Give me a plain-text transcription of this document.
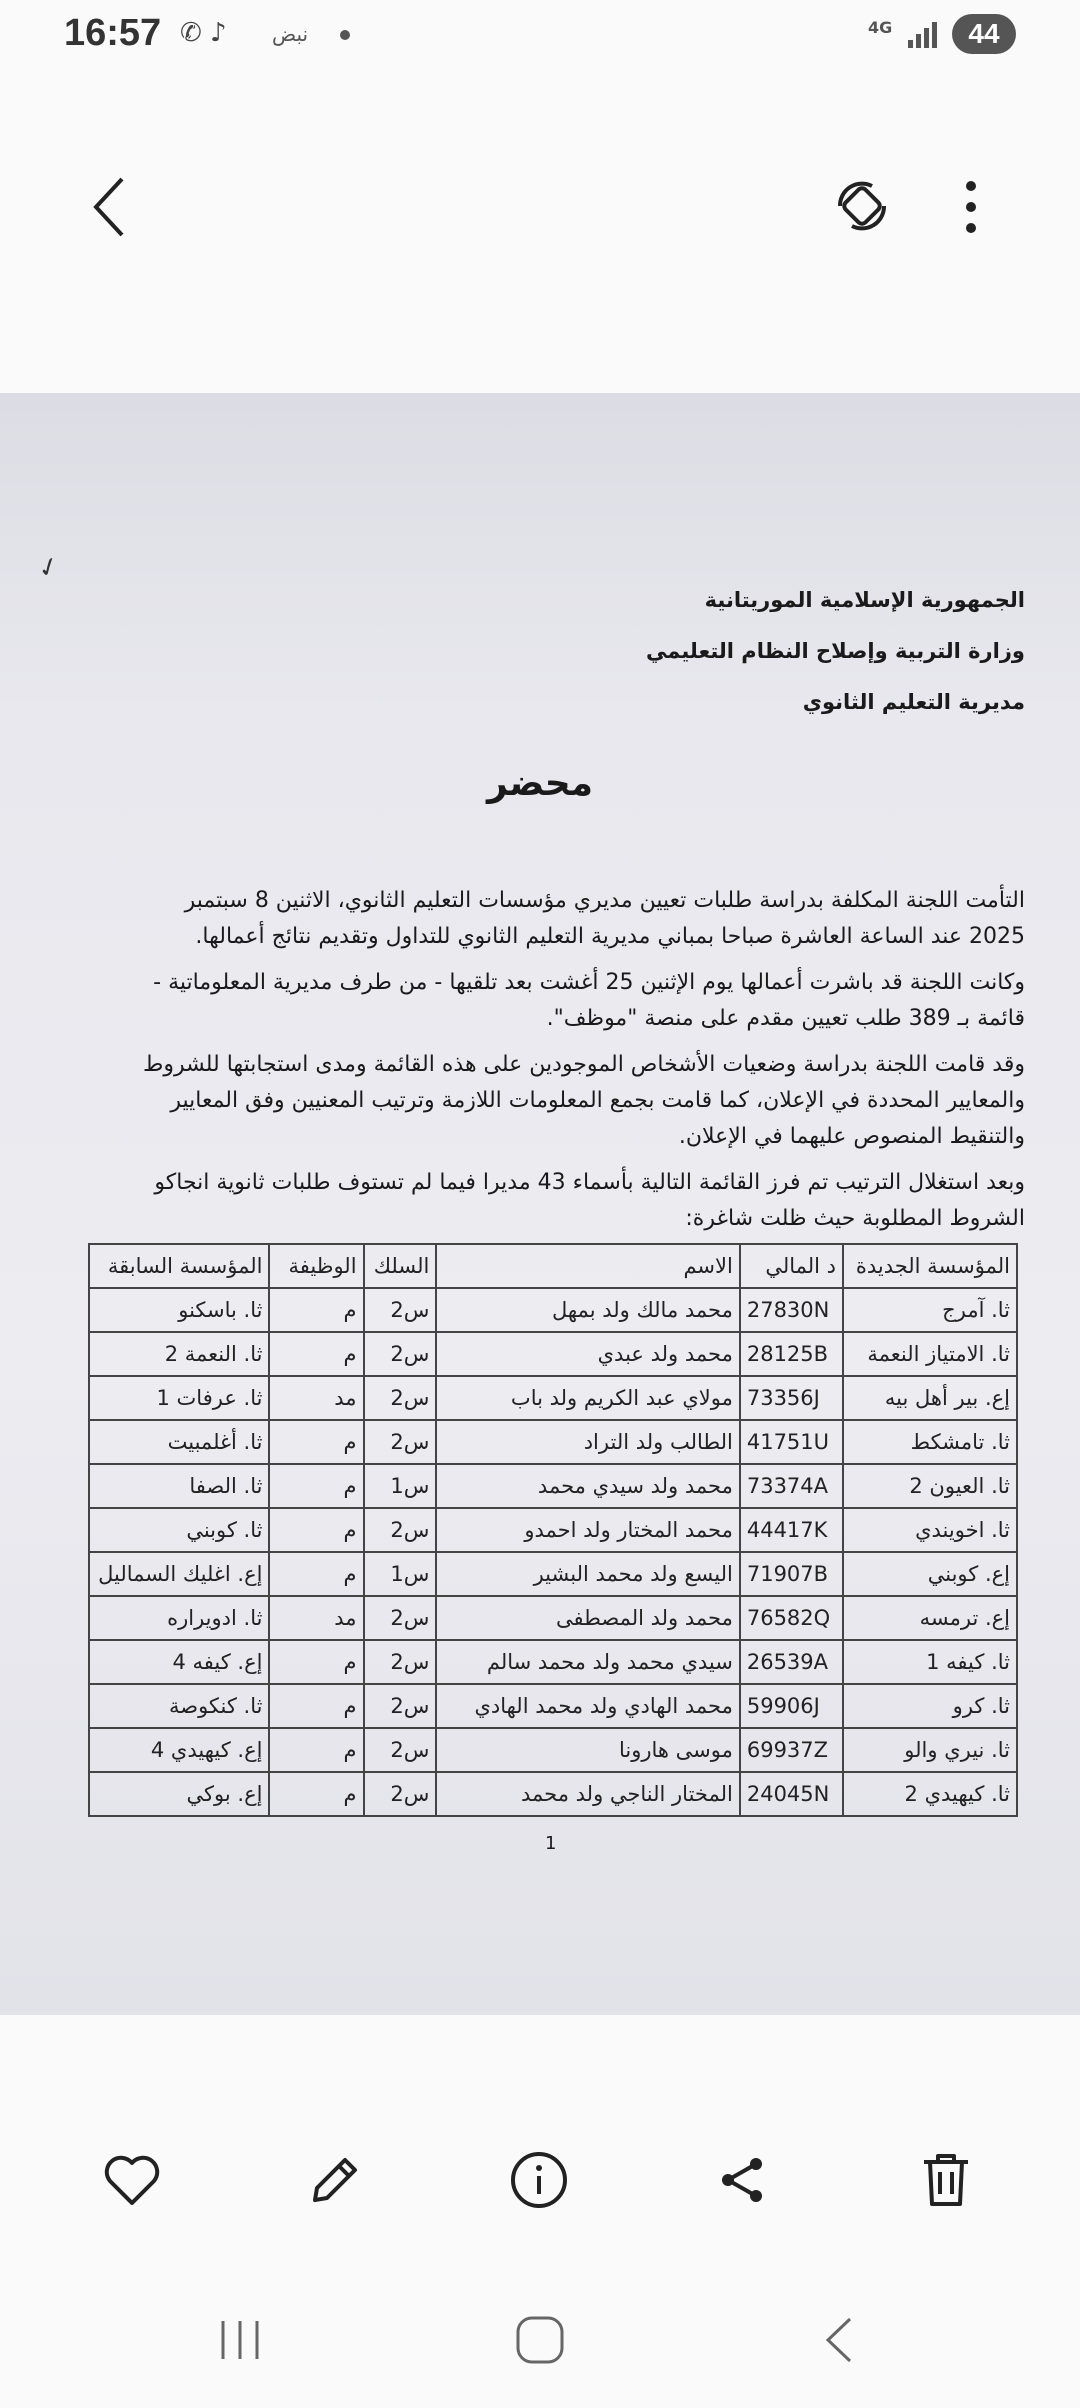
16:57 ✆ ♪ نبض	4G	44
✓
الجمهورية الإسلامية الموريتانية
وزارة التربية وإصلاح النظام التعليمي
مديرية التعليم الثانوي
محضر

التأمت اللجنة المكلفة بدراسة طلبات تعيين مديري مؤسسات التعليم الثانوي، الاثنين 8 سبتمبر 2025 عند الساعة العاشرة صباحا بمباني مديرية التعليم الثانوي للتداول وتقديم نتائج أعمالها.

وكانت اللجنة قد باشرت أعمالها يوم الإثنين 25 أغشت بعد تلقيها - من طرف مديرية المعلوماتية - قائمة بـ 389 طلب تعيين مقدم على منصة "موظف".

وقد قامت اللجنة بدراسة وضعيات الأشخاص الموجودين على هذه القائمة ومدى استجابتها للشروط والمعايير المحددة في الإعلان، كما قامت بجمع المعلومات اللازمة وترتيب المعنيين وفق المعايير والتنقيط المنصوص عليهما في الإعلان.

وبعد استغلال الترتيب تم فرز القائمة التالية بأسماء 43 مديرا فيما لم تستوف طلبات ثانوية انجاكو الشروط المطلوبة حيث ظلت شاغرة:

المؤسسة الجديدة	د المالي	الاسم	السلك	الوظيفة	المؤسسة السابقة
ثا. آمرج	27830N	محمد مالك ولد بمهل	س2	م	ثا. باسكنو
ثا. الامتياز النعمة	28125B	محمد ولد عبدي	س2	م	ثا. النعمة 2
إع. بير أهل بيه	73356J	مولاي عبد الكريم ولد باب	س2	مد	ثا. عرفات 1
ثا. تامشكط	41751U	الطالب ولد التراد	س2	م	ثا. أغلمبيت
ثا. العيون 2	73374A	محمد ولد سيدي محمد	س1	م	ثا. الصفا
ثا. اخويندي	44417K	محمد المختار ولد احمدو	س2	م	ثا. كوبني
إع. كوبني	71907B	اليسع ولد محمد البشير	س1	م	إع. اغليك السماليل
إع. ترمسه	76582Q	محمد ولد المصطفى	س2	مد	ثا. ادويراره
ثا. كيفه 1	26539A	سيدي محمد ولد محمد سالم	س2	م	إع. كيفه 4
ثا. كرو	59906J	محمد الهادي ولد محمد الهادي	س2	م	ثا. كنكوصة
ثا. نيري والو	69937Z	موسى هارونا	س2	م	إع. كيهيدي 4
ثا. كيهيدي 2	24045N	المختار الناجي ولد محمد	س2	م	إع. بوكي
1
